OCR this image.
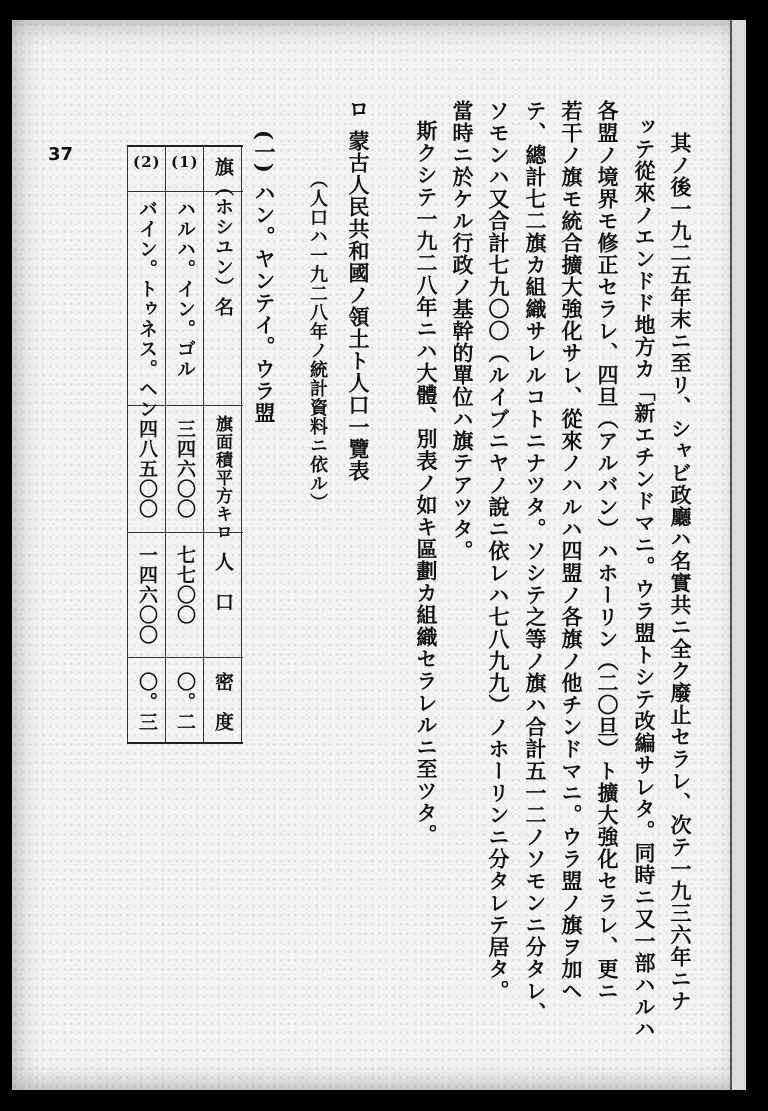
其ノ後一九二五年末ニ至リ、シャビ政廳ハ名實共ニ全ク廢止セラレ、次テ一九三六年ニナ
ッテ從來ノエンドド地方カ「新エチンドマニ。ウラ盟トシテ改編サレタ。同時ニ又一部ハルハ
各盟ノ境界モ修正セラレ、四旦（アルバン）ハホーリン（二〇旦）ト擴大強化セラレ、更ニ
若干ノ旗モ統合擴大強化サレ、從來ノハルハ四盟ノ各旗ノ他チンドマニ。ウラ盟ノ旗ヲ加ヘ
テ、總計七二旗カ組織サレルコトニナツタ。ソシテ之等ノ旗ハ合計五一二ノソモンニ分タレ、
ソモンハ又合計七九〇〇（ルイブニヤノ說ニ依レハ七八九九）ノホーリンニ分タレテ居タ。
當時ニ於ケル行政ノ基幹的單位ハ旗テアツタ。
斯クシテ一九二八年ニハ大體、別表ノ如キ區劃カ組織セラレルニ至ツタ。
ロ
蒙古人民共和國ノ領土ト人口一覽表
（人口ハ一九二八年ノ統計資料ニ依ル）
(一) ハン。ヤンテイ。ウラ盟
37
旗（ホシユン）名
旗面積平方キロ
人　口
密　度
(1)
ハルハ。イン。ゴル
三四六〇〇
七七〇〇
〇。二
(2)
バイン。トゥネス。ヘン
四八五〇〇
一四六〇〇
〇。三
